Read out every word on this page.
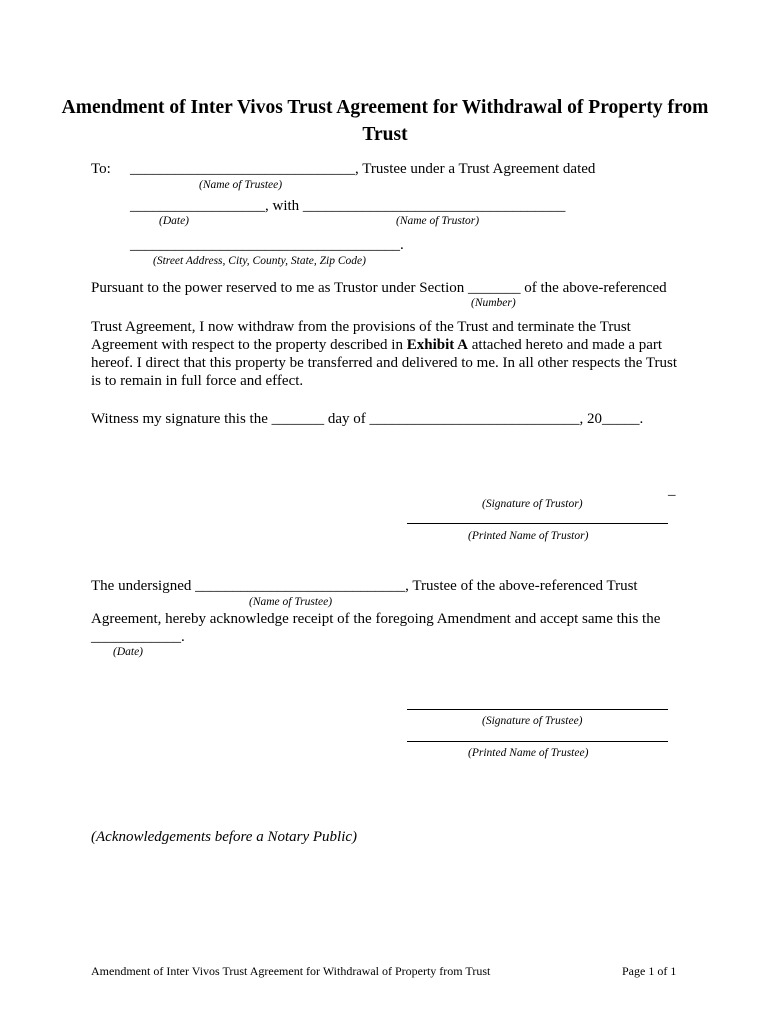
Amendment of Inter Vivos Trust Agreement for Withdrawal of Property from Trust
To: ______________________________, Trustee under a Trust Agreement dated
(Name of Trustee)
__________________, with ___________________________________
(Date)	(Name of Trustor)
____________________________________.
(Street Address, City, County, State, Zip Code)
Pursuant to the power reserved to me as Trustor under Section _______ of the above-referenced
(Number)
Trust Agreement, I now withdraw from the provisions of the Trust and terminate the Trust Agreement with respect to the property described in Exhibit A attached hereto and made a part hereof. I direct that this property be transferred and delivered to me. In all other respects the Trust is to remain in full force and effect.
Witness my signature this the _______ day of ____________________________, 20_____.
_
(Signature of Trustor)
(Printed Name of Trustor)
The undersigned ____________________________, Trustee of the above-referenced Trust
(Name of Trustee)
Agreement, hereby acknowledge receipt of the foregoing Amendment and accept same this the
____________.
(Date)
(Signature of Trustee)
(Printed Name of Trustee)
(Acknowledgements before a Notary Public)
Amendment of Inter Vivos Trust Agreement for Withdrawal of Property from Trust	Page 1 of 1
